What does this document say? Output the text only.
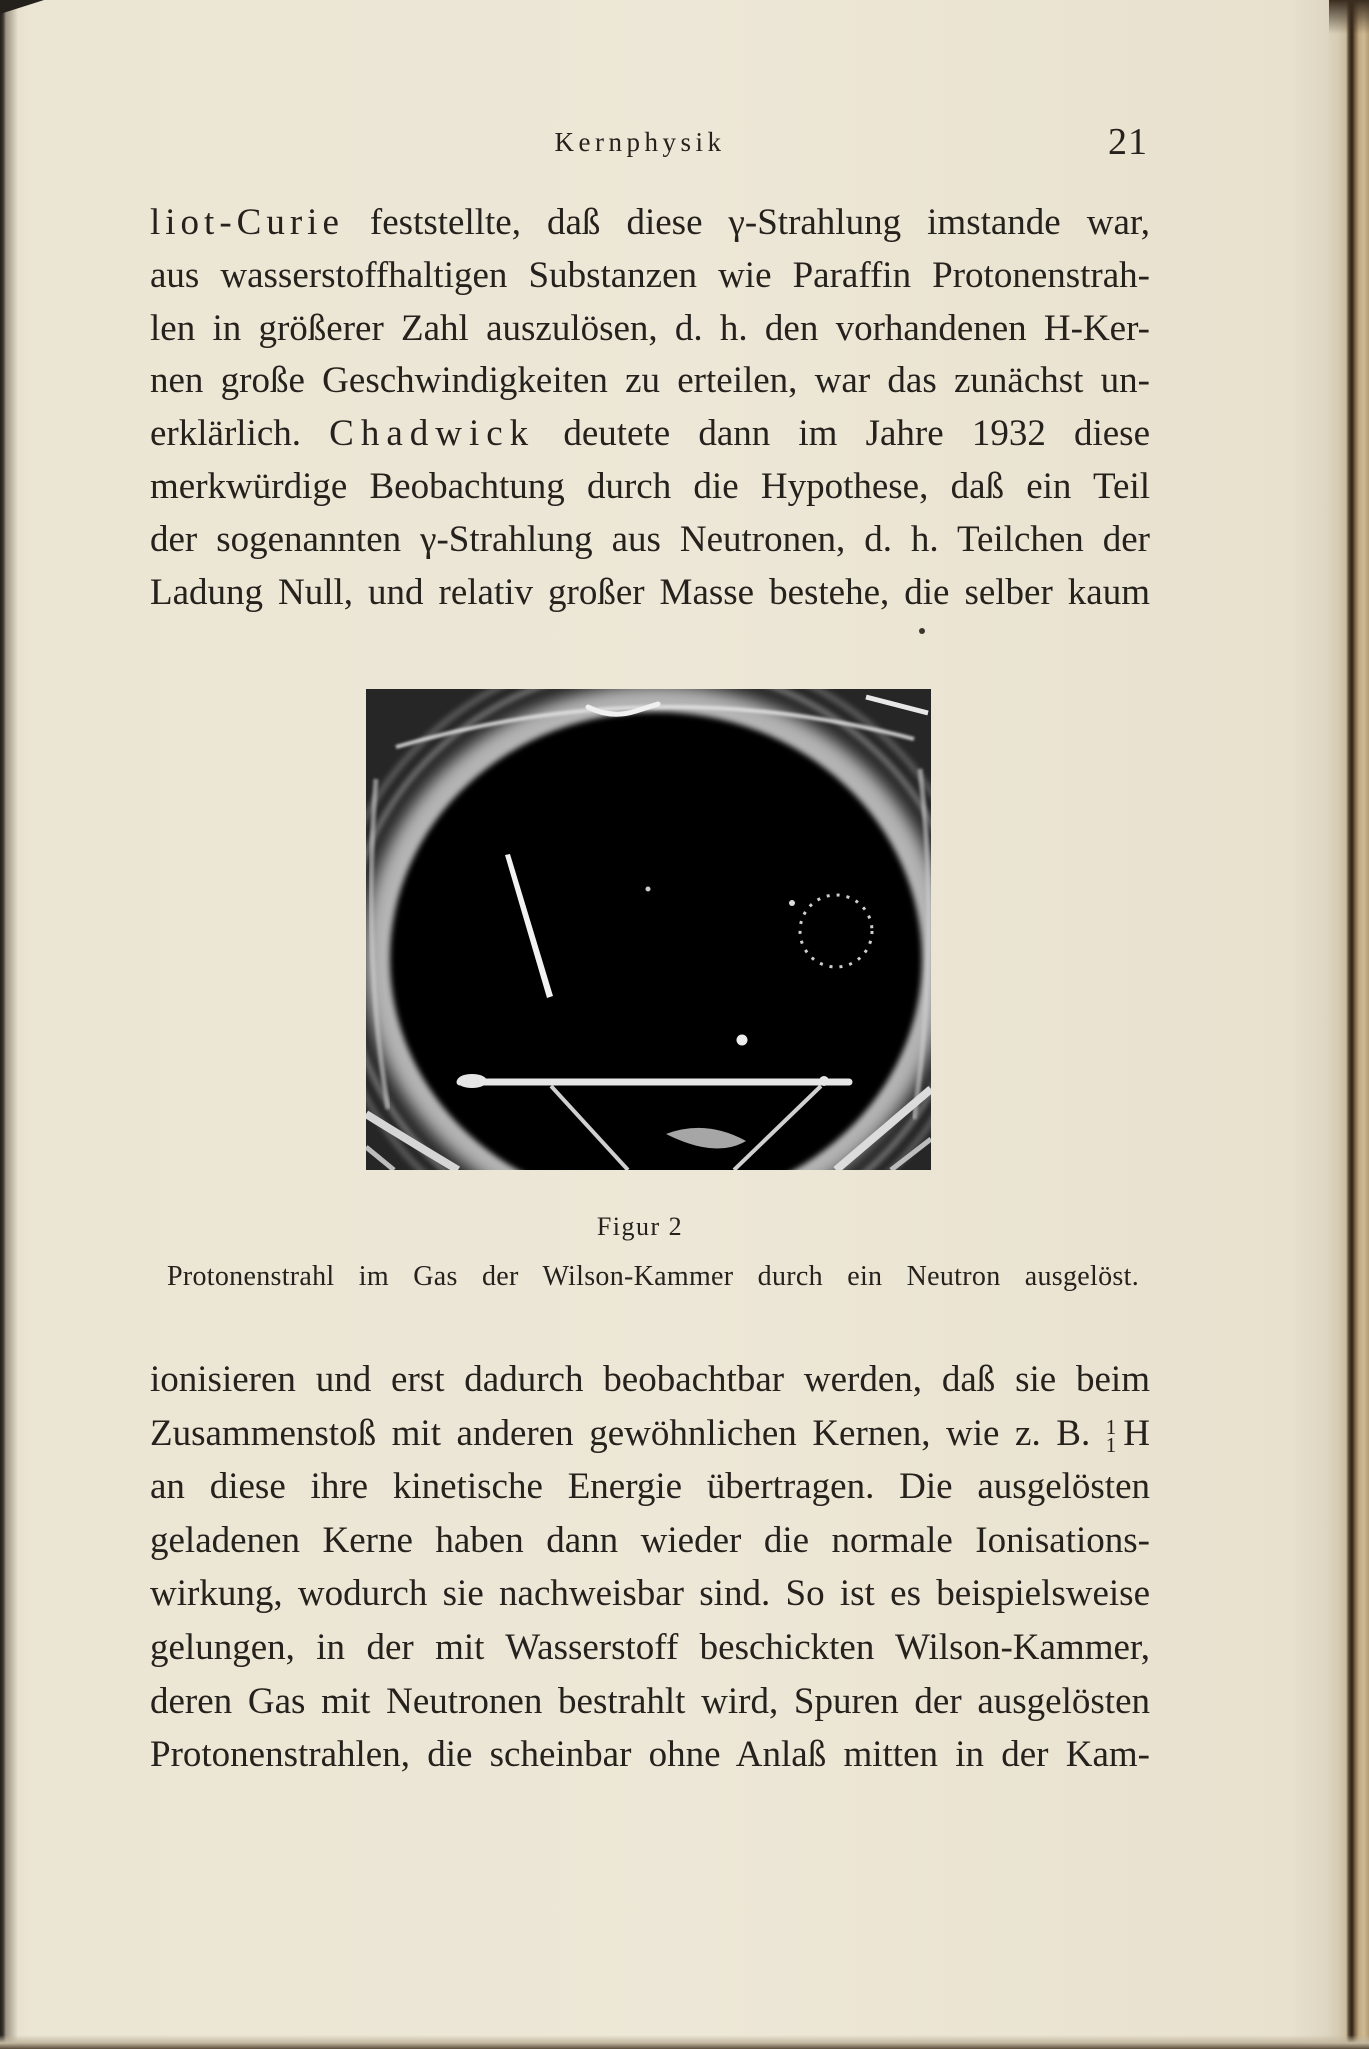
Kernphysik	21
liot-Curie feststellte, daß diese γ-Strahlung imstande war,
aus wasserstoffhaltigen Substanzen wie Paraffin Protonenstrah-
len in größerer Zahl auszulösen, d. h. den vorhandenen H-Ker-
nen große Geschwindigkeiten zu erteilen, war das zunächst un-
erklärlich. Chadwick deutete dann im Jahre 1932 diese
merkwürdige Beobachtung durch die Hypothese, daß ein Teil
der sogenannten γ-Strahlung aus Neutronen, d. h. Teilchen der
Ladung Null, und relativ großer Masse bestehe, die selber kaum
Figur 2
Protonenstrahl im Gas der Wilson-Kammer durch ein Neutron ausgelöst.
ionisieren und erst dadurch beobachtbar werden, daß sie beim
Zusammenstoß mit anderen gewöhnlichen Kernen, wie z. B. 1
1 H
an diese ihre kinetische Energie übertragen. Die ausgelösten
geladenen Kerne haben dann wieder die normale Ionisations-
wirkung, wodurch sie nachweisbar sind. So ist es beispielsweise
gelungen, in der mit Wasserstoff beschickten Wilson-Kammer,
deren Gas mit Neutronen bestrahlt wird, Spuren der ausgelösten
Protonenstrahlen, die scheinbar ohne Anlaß mitten in der Kam-
